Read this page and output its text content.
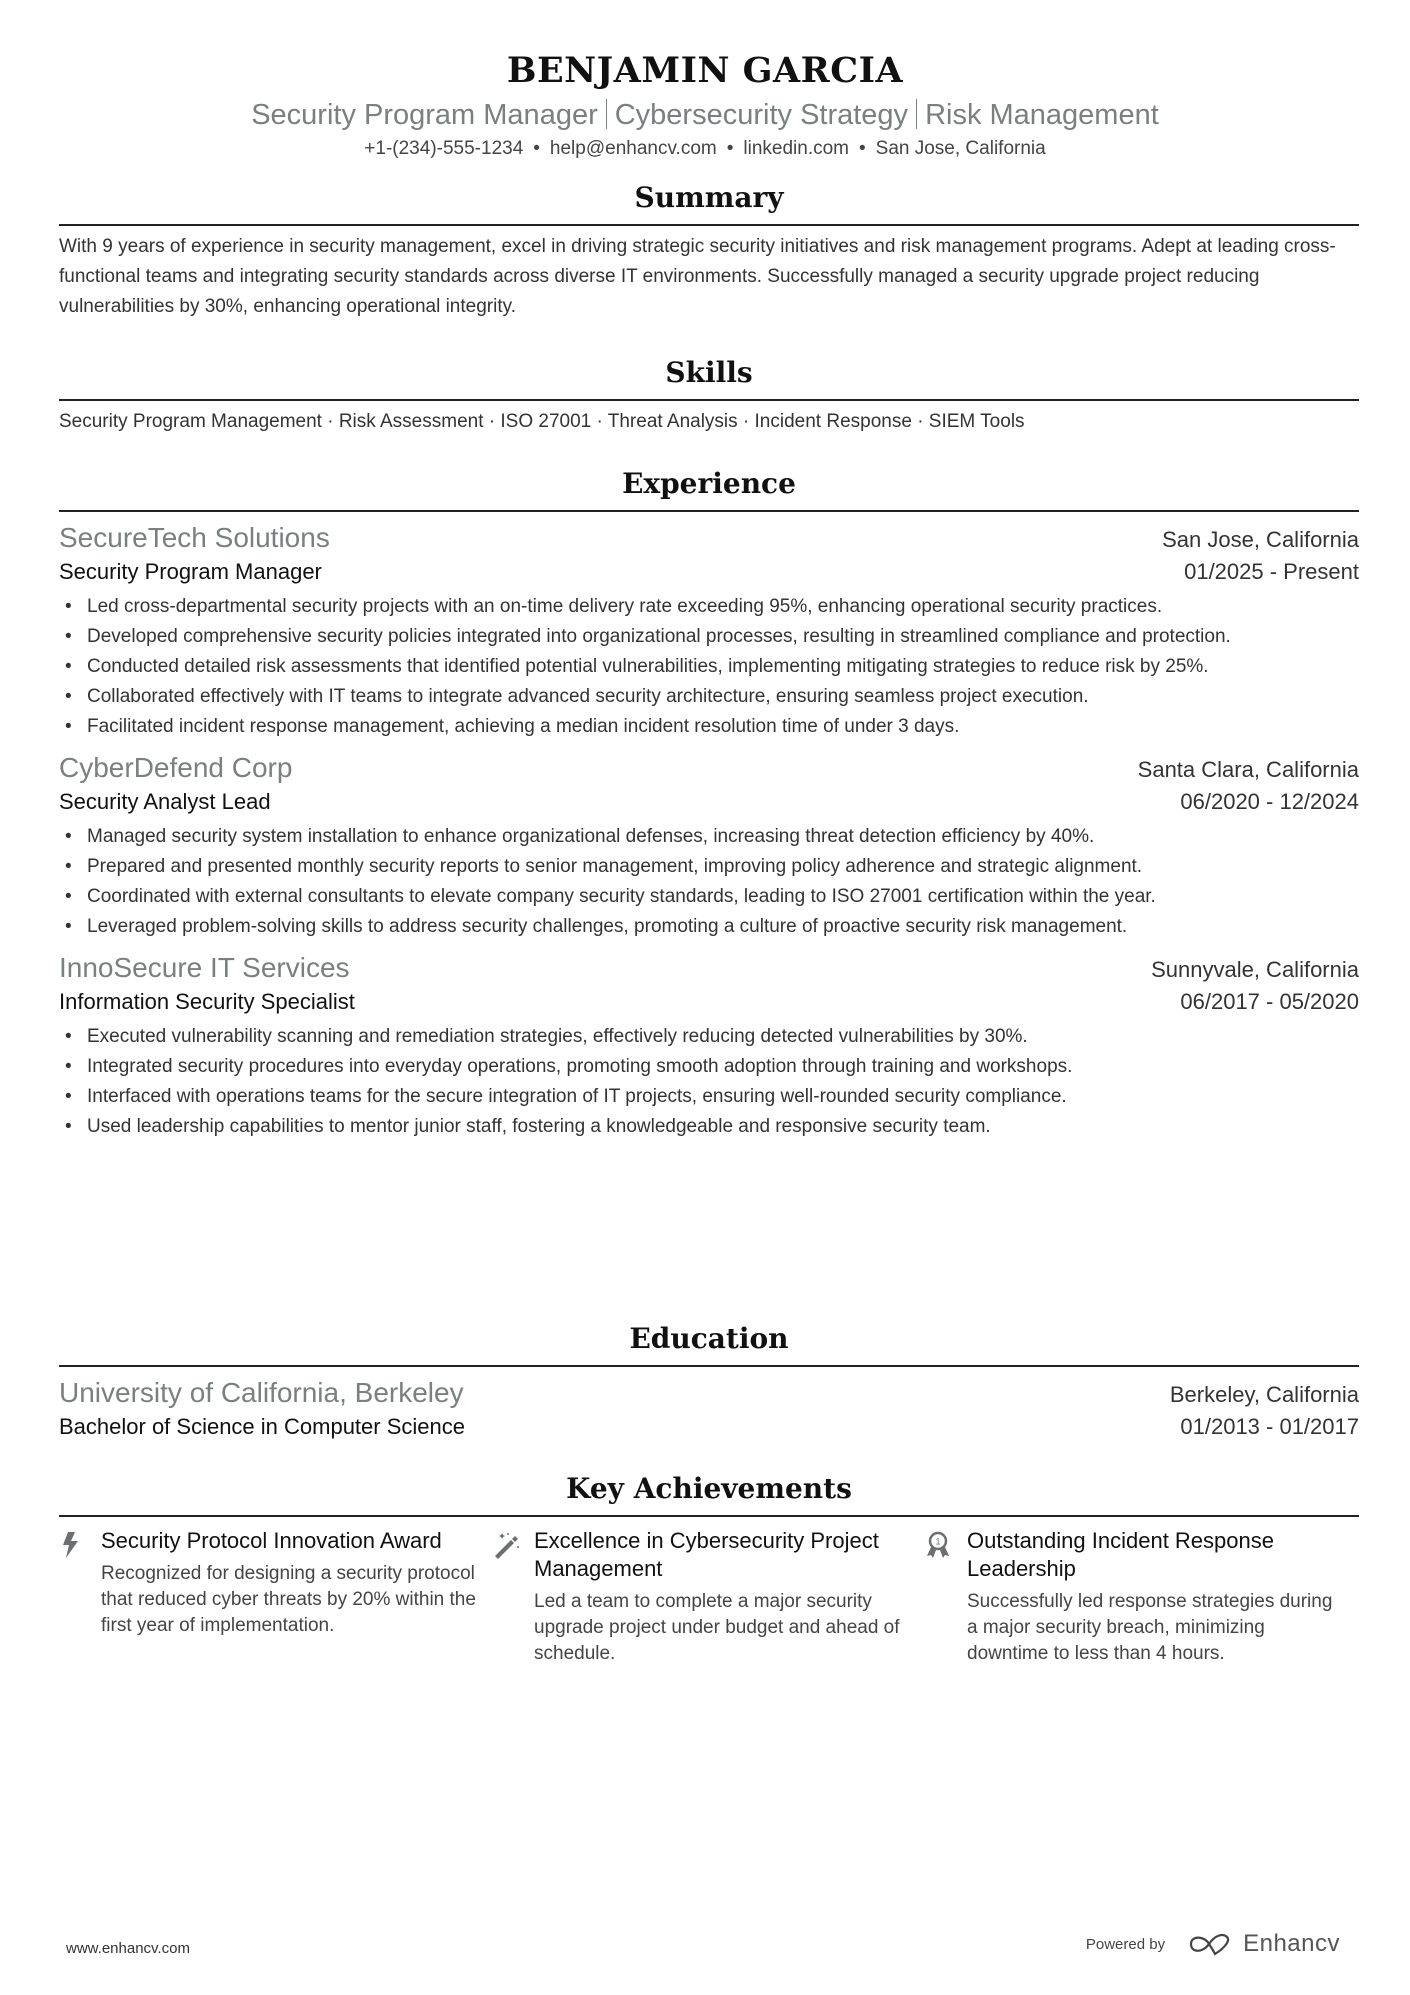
BENJAMIN GARCIA
Security Program Manager Cybersecurity Strategy Risk Management
+1-(234)-555-1234 • help@enhancv.com • linkedin.com • San Jose, California
Summary
With 9 years of experience in security management, excel in driving strategic security initiatives and risk management programs. Adept at leading cross-functional teams and integrating security standards across diverse IT environments. Successfully managed a security upgrade project reducing vulnerabilities by 30%, enhancing operational integrity.
Skills
Security Program Management · Risk Assessment · ISO 27001 · Threat Analysis · Incident Response · SIEM Tools
Experience
SecureTech Solutions	San Jose, California
Security Program Manager	01/2025 - Present
• Led cross-departmental security projects with an on-time delivery rate exceeding 95%, enhancing operational security practices.
• Developed comprehensive security policies integrated into organizational processes, resulting in streamlined compliance and protection.
• Conducted detailed risk assessments that identified potential vulnerabilities, implementing mitigating strategies to reduce risk by 25%.
• Collaborated effectively with IT teams to integrate advanced security architecture, ensuring seamless project execution.
• Facilitated incident response management, achieving a median incident resolution time of under 3 days.
CyberDefend Corp	Santa Clara, California
Security Analyst Lead	06/2020 - 12/2024
• Managed security system installation to enhance organizational defenses, increasing threat detection efficiency by 40%.
• Prepared and presented monthly security reports to senior management, improving policy adherence and strategic alignment.
• Coordinated with external consultants to elevate company security standards, leading to ISO 27001 certification within the year.
• Leveraged problem-solving skills to address security challenges, promoting a culture of proactive security risk management.
InnoSecure IT Services	Sunnyvale, California
Information Security Specialist	06/2017 - 05/2020
• Executed vulnerability scanning and remediation strategies, effectively reducing detected vulnerabilities by 30%.
• Integrated security procedures into everyday operations, promoting smooth adoption through training and workshops.
• Interfaced with operations teams for the secure integration of IT projects, ensuring well-rounded security compliance.
• Used leadership capabilities to mentor junior staff, fostering a knowledgeable and responsive security team.
Education
University of California, Berkeley	Berkeley, California
Bachelor of Science in Computer Science	01/2013 - 01/2017
Key Achievements
Security Protocol Innovation Award
Recognized for designing a security protocol that reduced cyber threats by 20% within the first year of implementation.
Excellence in Cybersecurity Project Management
Led a team to complete a major security upgrade project under budget and ahead of schedule.
1 Outstanding Incident Response Leadership
Successfully led response strategies during a major security breach, minimizing downtime to less than 4 hours.
www.enhancv.com	Powered by	Enhancv
